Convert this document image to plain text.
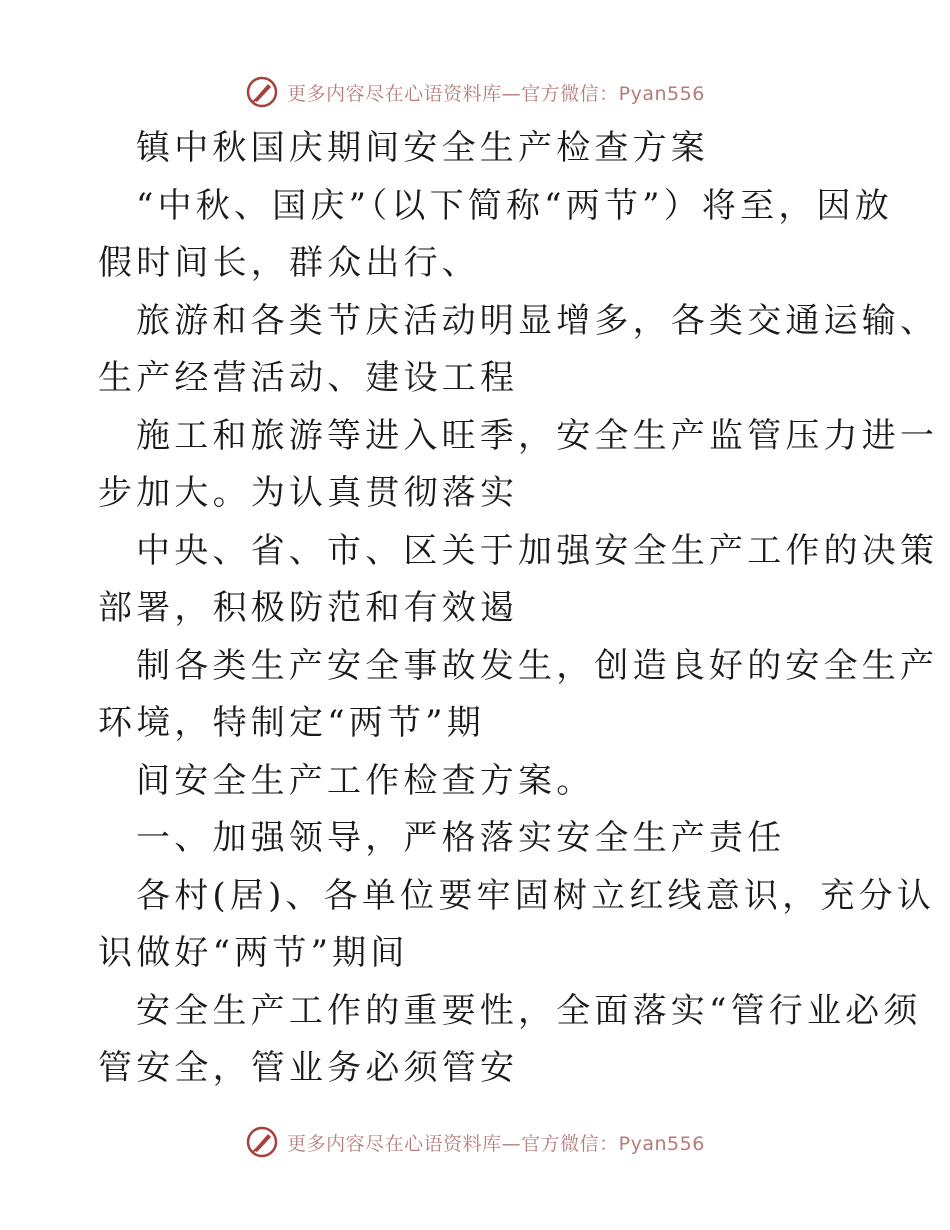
更多内容尽在心语资料库—官方微信：Pyan556

镇中秋国庆期间安全生产检查方案

“中秋、国庆”（以下简称“两节”）将至，因放
假时间长，群众出行、

旅游和各类节庆活动明显增多，各类交通运输、
生产经营活动、建设工程

施工和旅游等进入旺季，安全生产监管压力进一
步加大。为认真贯彻落实

中央、省、市、区关于加强安全生产工作的决策
部署，积极防范和有效遏

制各类生产安全事故发生，创造良好的安全生产
环境，特制定“两节”期

间安全生产工作检查方案。

一、加强领导，严格落实安全生产责任

各村(居)、各单位要牢固树立红线意识，充分认
识做好“两节”期间

安全生产工作的重要性，全面落实“管行业必须
管安全，管业务必须管安

更多内容尽在心语资料库—官方微信：Pyan556
